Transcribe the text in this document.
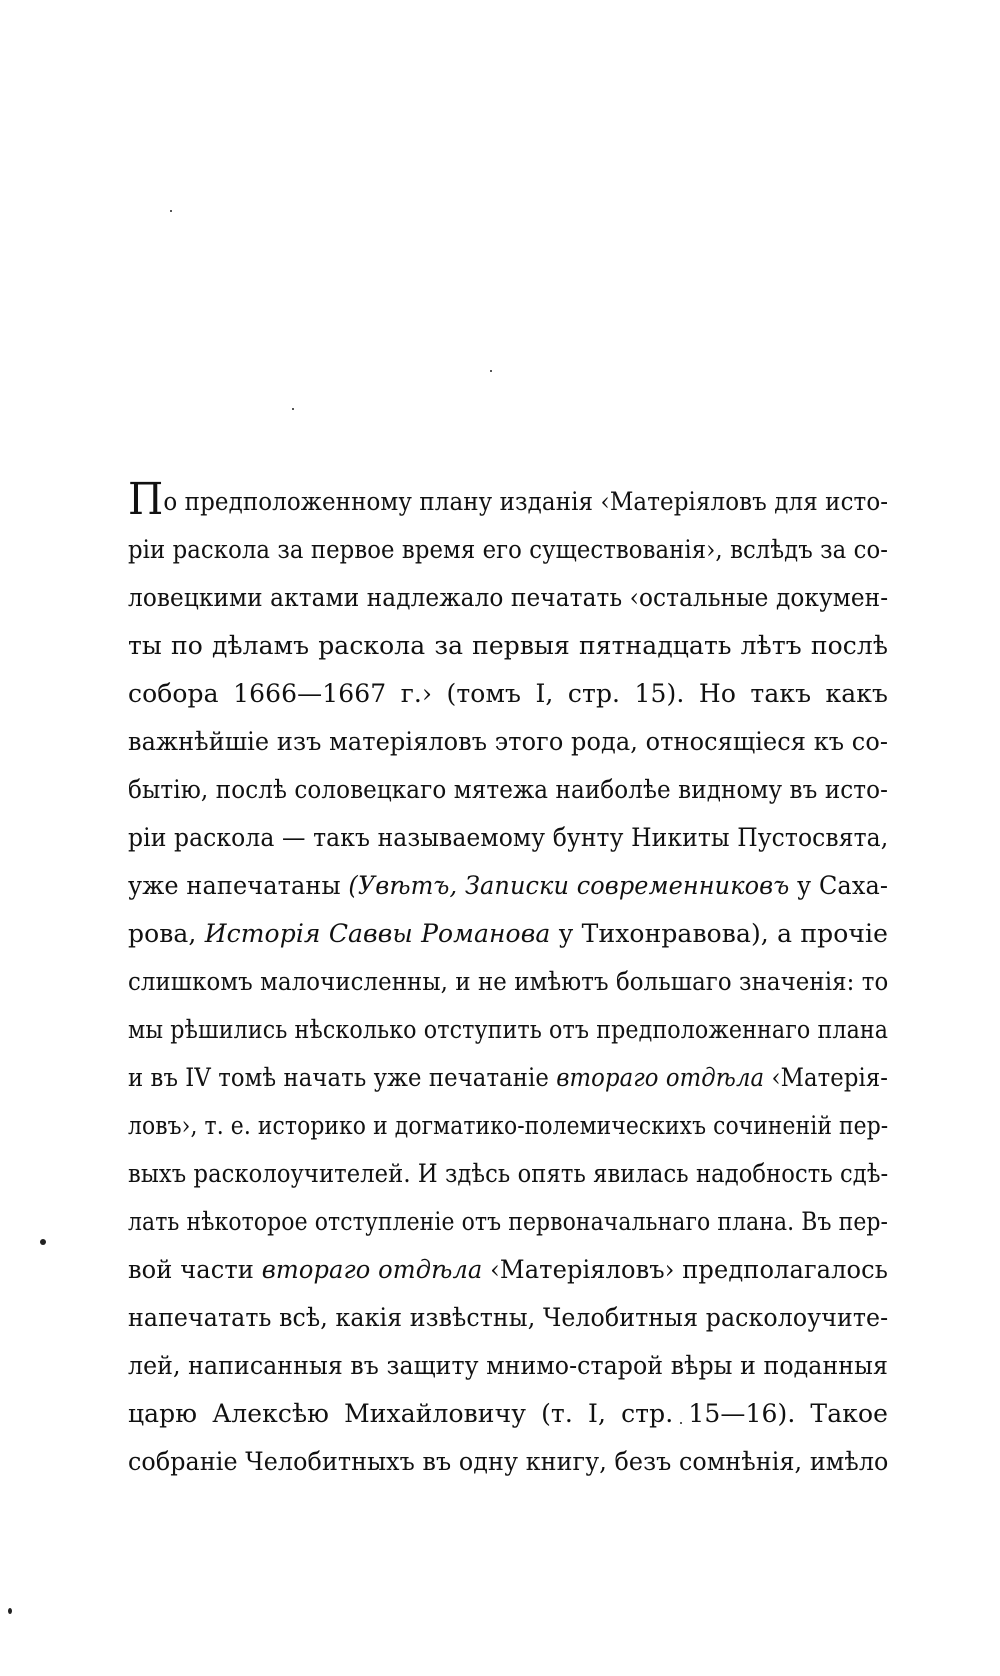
По предположенному плану изданія ‹Матеріяловъ для исто-
ріи раскола за первое время его существованія›, вслѣдъ за со-
ловецкими актами надлежало печатать ‹остальные докумен-
ты по дѣламъ раскола за первыя пятнадцать лѣтъ послѣ
собора 1666—1667 г.› (томъ I, стр. 15). Но такъ какъ
важнѣйшіе изъ матеріяловъ этого рода, относящіеся къ со-
бытію, послѣ соловецкаго мятежа наиболѣе видному въ исто-
ріи раскола — такъ называемому бунту Никиты Пустосвята,
уже напечатаны (Увѣтъ, Записки современниковъ у Саха-
рова, Исторія Саввы Романова у Тихонравова), а прочіе
слишкомъ малочисленны, и не имѣютъ большаго значенія: то
мы рѣшились нѣсколько отступить отъ предположеннаго плана
и въ IV томѣ начать уже печатаніе втораго отдѣла ‹Матерія-
ловъ›, т. е. историко и догматико-полемическихъ сочиненій пер-
выхъ расколоучителей. И здѣсь опять явилась надобность сдѣ-
лать нѣкоторое отступленіе отъ первоначальнаго плана. Въ пер-
вой части втораго отдѣла ‹Матеріяловъ› предполагалось
напечатать всѣ, какія извѣстны, Челобитныя расколоучите-
лей, написанныя въ защиту мнимо-старой вѣры и поданныя
царю Алексѣю Михайловичу (т. I, стр. 15—16). Такое
собраніе Челобитныхъ въ одну книгу, безъ сомнѣнія, имѣло
